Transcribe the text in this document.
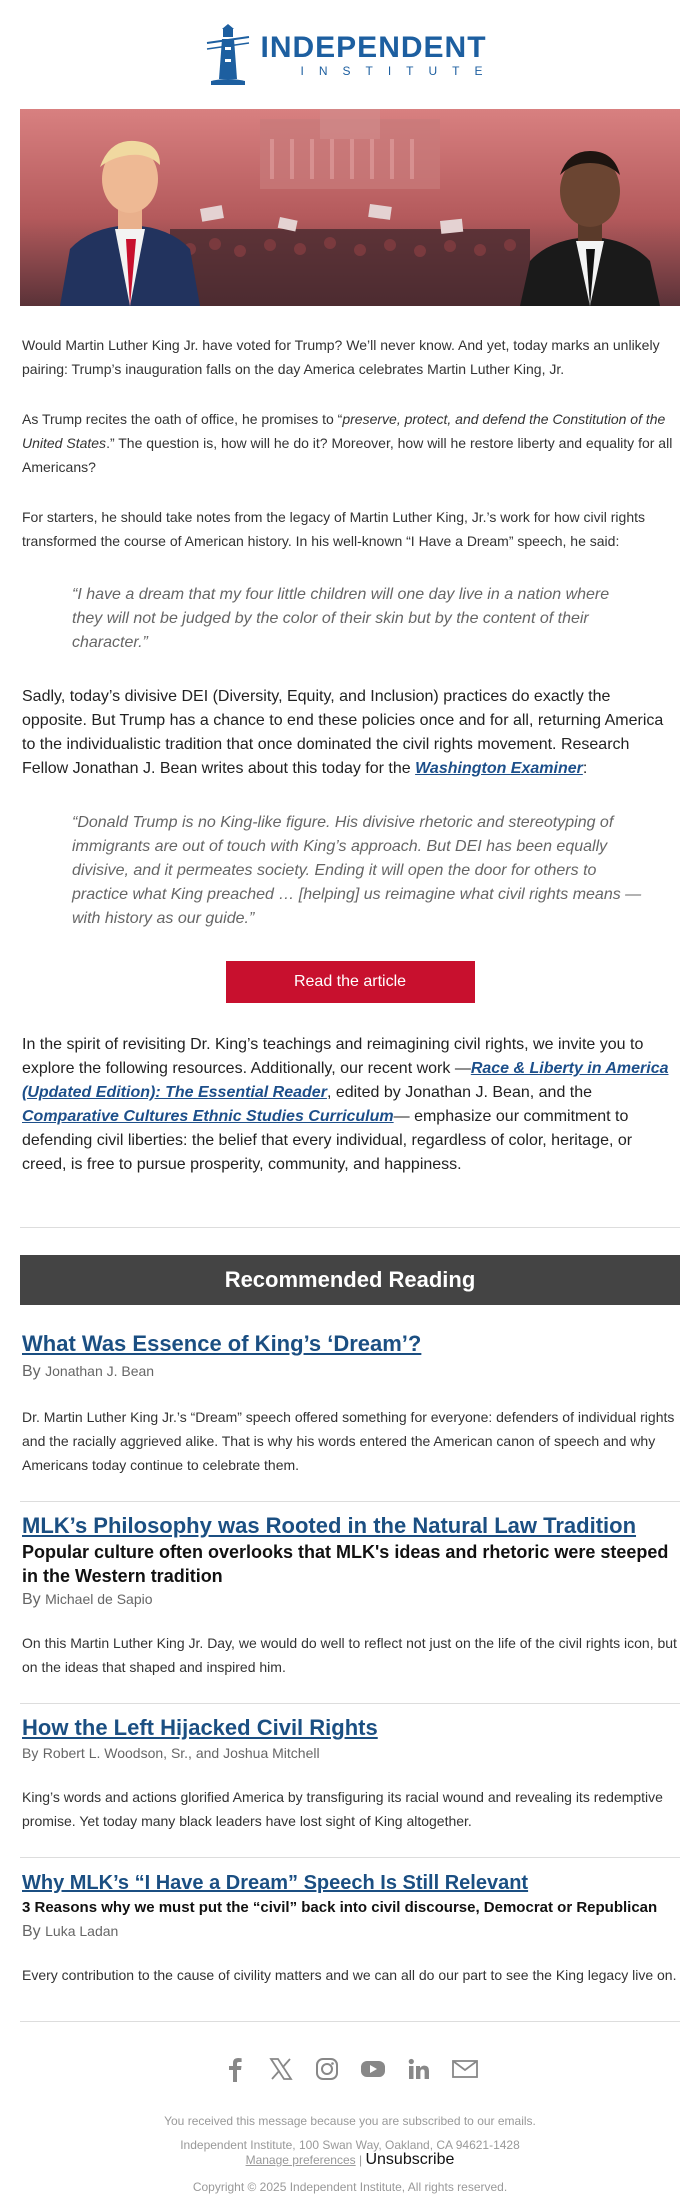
INDEPENDENT
INSTITUTE

Would Martin Luther King Jr. have voted for Trump? We’ll never know. And yet, today marks an unlikely pairing: Trump’s inauguration falls on the day America celebrates Martin Luther King, Jr.

As Trump recites the oath of office, he promises to “preserve, protect, and defend the Constitution of the United States.” The question is, how will he do it? Moreover, how will he restore liberty and equality for all Americans?

For starters, he should take notes from the legacy of Martin Luther King, Jr.’s work for how civil rights transformed the course of American history. In his well-known “I Have a Dream” speech, he said:

“I have a dream that my four little children will one day live in a nation where they will not be judged by the color of their skin but by the content of their character.”

Sadly, today’s divisive DEI (Diversity, Equity, and Inclusion) practices do exactly the opposite. But Trump has a chance to end these policies once and for all, returning America to the individualistic tradition that once dominated the civil rights movement. Research Fellow Jonathan J. Bean writes about this today for the Washington Examiner:

“Donald Trump is no King-like figure. His divisive rhetoric and stereotyping of immigrants are out of touch with King’s approach. But DEI has been equally divisive, and it permeates society. Ending it will open the door for others to practice what King preached … [helping] us reimagine what civil rights means —with history as our guide.”

Read the article

In the spirit of revisiting Dr. King’s teachings and reimagining civil rights, we invite you to explore the following resources. Additionally, our recent work —Race & Liberty in America (Updated Edition): The Essential Reader, edited by Jonathan J. Bean, and the Comparative Cultures Ethnic Studies Curriculum— emphasize our commitment to defending civil liberties: the belief that every individual, regardless of color, heritage, or creed, is free to pursue prosperity, community, and happiness.

Recommended Reading
What Was Essence of King’s ‘Dream’?
By Jonathan J. Bean

Dr. Martin Luther King Jr.’s “Dream” speech offered something for everyone: defenders of individual rights and the racially aggrieved alike. That is why his words entered the American canon of speech and why Americans today continue to celebrate them.

MLK’s Philosophy was Rooted in the Natural Law Tradition
Popular culture often overlooks that MLK's ideas and rhetoric were steeped in the Western tradition
By Michael de Sapio

On this Martin Luther King Jr. Day, we would do well to reflect not just on the life of the civil rights icon, but on the ideas that shaped and inspired him.

How the Left Hijacked Civil Rights
By Robert L. Woodson, Sr., and Joshua Mitchell

King’s words and actions glorified America by transfiguring its racial wound and revealing its redemptive promise. Yet today many black leaders have lost sight of King altogether.

Why MLK’s “I Have a Dream” Speech Is Still Relevant
3 Reasons why we must put the “civil” back into civil discourse, Democrat or Republican
By Luka Ladan

Every contribution to the cause of civility matters and we can all do our part to see the King legacy live on.

You received this message because you are subscribed to our emails.

Independent Institute, 100 Swan Way, Oakland, CA 94621-1428

Manage preferences | Unsubscribe

Copyright © 2025 Independent Institute, All rights reserved.
